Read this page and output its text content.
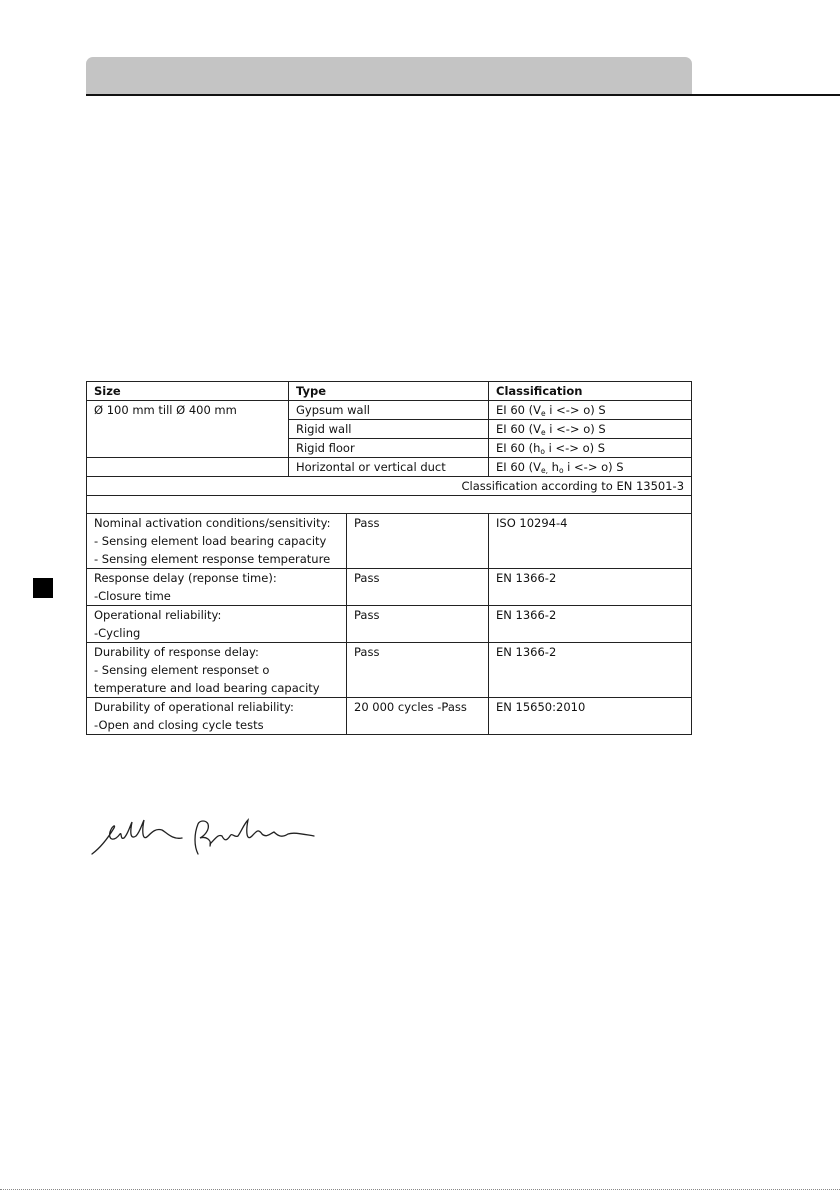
Size	Type		Classification
Ø 100 mm till Ø 400 mm	Gypsum wall		EI 60 ($V_e$ i <-> o) S
	Rigid wall		EI 60 ($V_e$ i <-> o) S
	Rigid floor		EI 60 ($h_o$ i <-> o) S
	Horizontal or vertical duct		EI 60 ($V_{e,}$ $h_o$ i <-> o) S
Classification according to EN 13501-3			

Nominal activation conditions/sensitivity:
- Sensing element load bearing capacity
- Sensing element response temperature		Pass	ISO 10294-4

Response delay (reponse time):
-Closure time		Pass	EN 1366-2

Operational reliability:
-Cycling		Pass	EN 1366-2

Durability of response delay:
- Sensing element responset o
temperature and load bearing capacity		Pass	EN 1366-2

Durability of operational reliability:
-Open and closing cycle tests		20 000 cycles -Pass	EN 15650:2010
